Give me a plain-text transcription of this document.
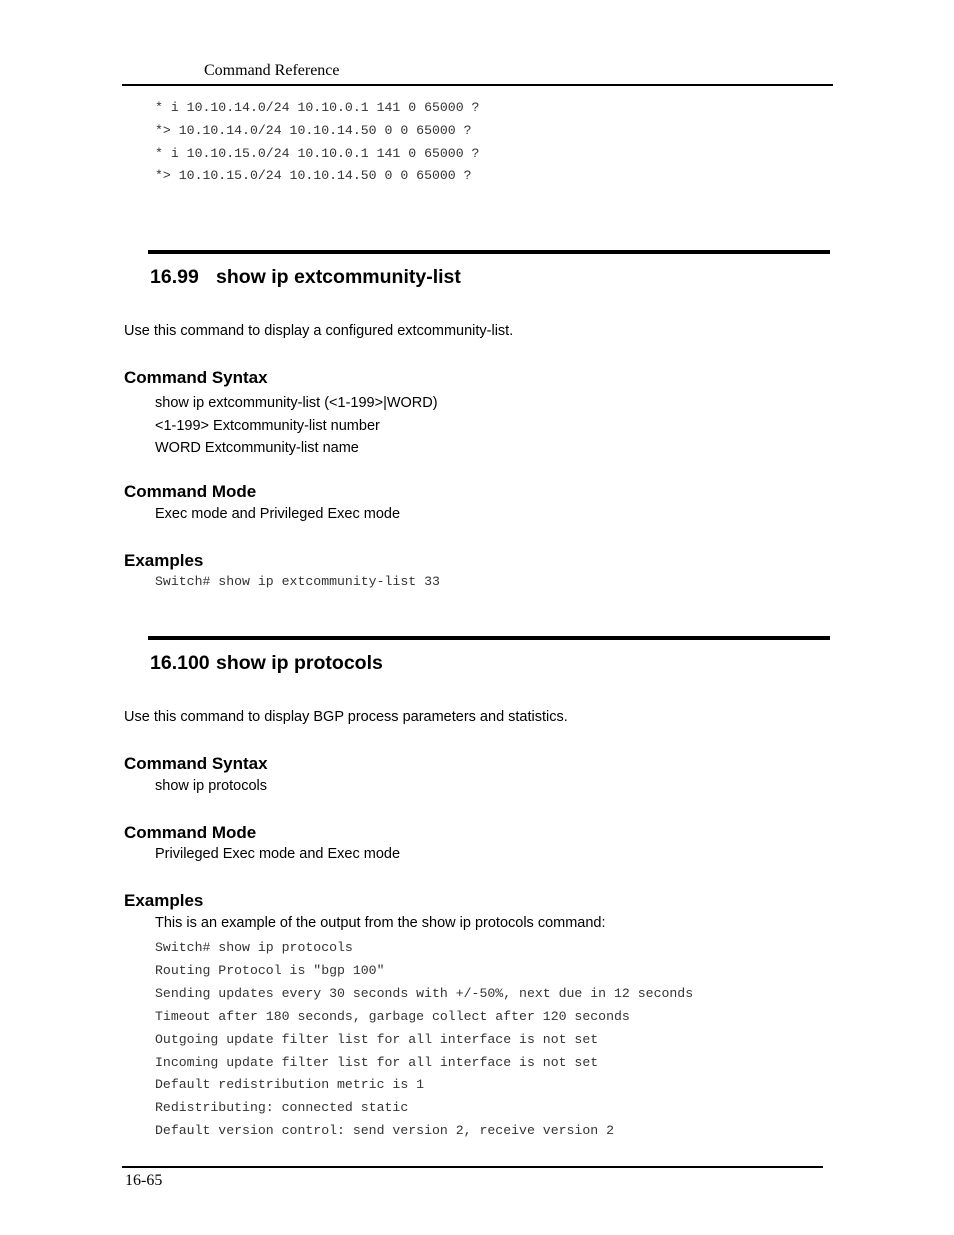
Command Reference
* i 10.10.14.0/24 10.10.0.1 141 0 65000 ?
*> 10.10.14.0/24 10.10.14.50 0 0 65000 ?
* i 10.10.15.0/24 10.10.0.1 141 0 65000 ?
*> 10.10.15.0/24 10.10.14.50 0 0 65000 ?
16.99 show ip extcommunity-list
Use this command to display a configured extcommunity-list.
Command Syntax
show ip extcommunity-list (<1-199>|WORD)
<1-199> Extcommunity-list number
WORD Extcommunity-list name
Command Mode
Exec mode and Privileged Exec mode
Examples
Switch# show ip extcommunity-list 33
16.100 show ip protocols
Use this command to display BGP process parameters and statistics.
Command Syntax
show ip protocols
Command Mode
Privileged Exec mode and Exec mode
Examples
This is an example of the output from the show ip protocols command:
Switch# show ip protocols
Routing Protocol is "bgp 100"
Sending updates every 30 seconds with +/-50%, next due in 12 seconds
Timeout after 180 seconds, garbage collect after 120 seconds
Outgoing update filter list for all interface is not set
Incoming update filter list for all interface is not set
Default redistribution metric is 1
Redistributing: connected static
Default version control: send version 2, receive version 2
16-65
